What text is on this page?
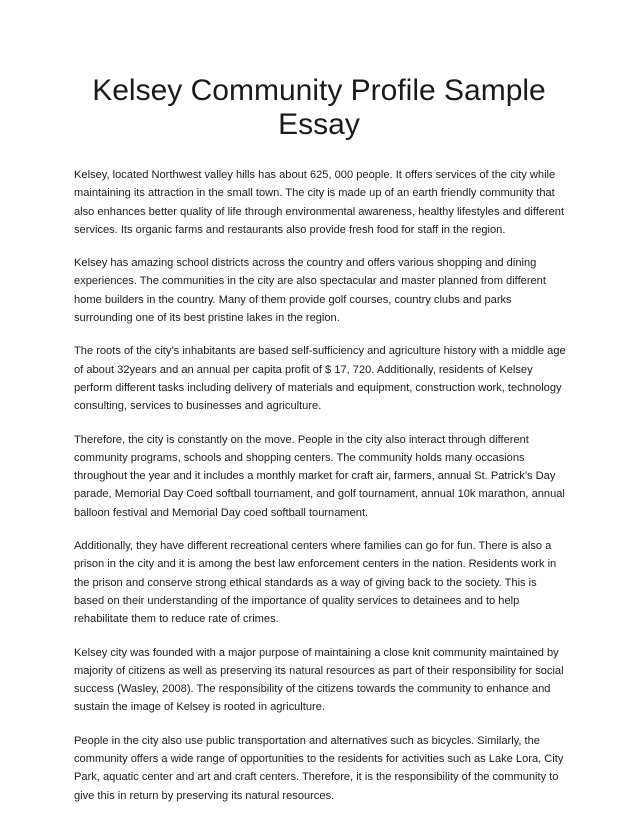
Kelsey Community Profile Sample
Essay

Kelsey, located Northwest valley hills has about 625, 000 people. It offers services of the city while
maintaining its attraction in the small town. The city is made up of an earth friendly community that
also enhances better quality of life through environmental awareness, healthy lifestyles and different
services. Its organic farms and restaurants also provide fresh food for staff in the region.

Kelsey has amazing school districts across the country and offers various shopping and dining
experiences. The communities in the city are also spectacular and master planned from different
home builders in the country. Many of them provide golf courses, country clubs and parks
surrounding one of its best pristine lakes in the region.

The roots of the city’s inhabitants are based self-sufficiency and agriculture history with a middle age
of about 32years and an annual per capita profit of $ 17, 720. Additionally, residents of Kelsey
perform different tasks including delivery of materials and equipment, construction work, technology
consulting, services to businesses and agriculture.

Therefore, the city is constantly on the move. People in the city also interact through different
community programs, schools and shopping centers. The community holds many occasions
throughout the year and it includes a monthly market for craft air, farmers, annual St. Patrick’s Day
parade, Memorial Day Coed softball tournament, and golf tournament, annual 10k marathon, annual
balloon festival and Memorial Day coed softball tournament.

Additionally, they have different recreational centers where families can go for fun. There is also a
prison in the city and it is among the best law enforcement centers in the nation. Residents work in
the prison and conserve strong ethical standards as a way of giving back to the society. This is
based on their understanding of the importance of quality services to detainees and to help
rehabilitate them to reduce rate of crimes.

Kelsey city was founded with a major purpose of maintaining a close knit community maintained by
majority of citizens as well as preserving its natural resources as part of their responsibility for social
success (Wasley, 2008). The responsibility of the citizens towards the community to enhance and
sustain the image of Kelsey is rooted in agriculture.

People in the city also use public transportation and alternatives such as bicycles. Similarly, the
community offers a wide range of opportunities to the residents for activities such as Lake Lora, City
Park, aquatic center and art and craft centers. Therefore, it is the responsibility of the community to
give this in return by preserving its natural resources.
